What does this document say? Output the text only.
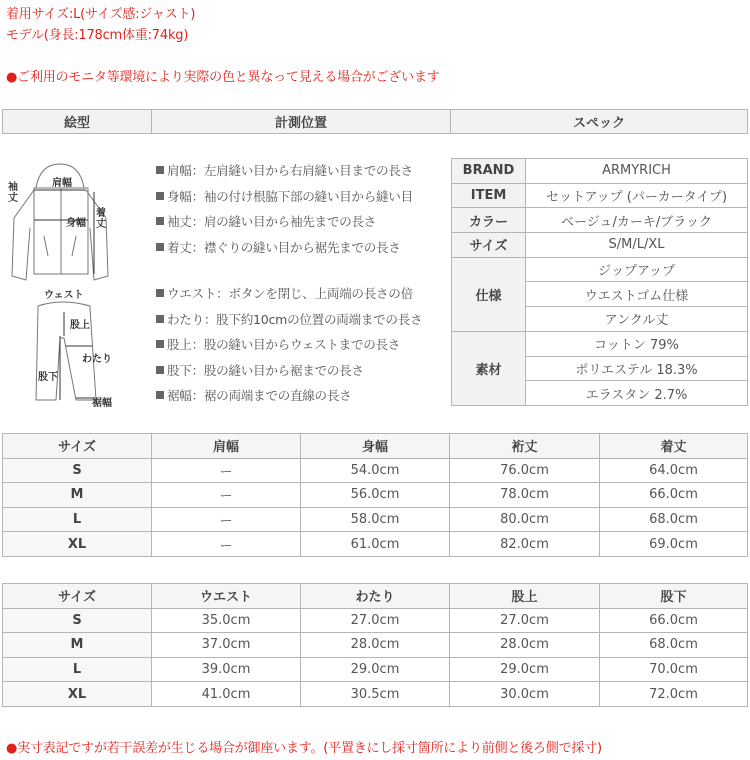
着用サイズ:L(サイズ感:ジャスト)
モデル(身長:178cm体重:74kg)
●ご利用のモニタ等環境により実際の色と異なって見える場合がございます
絵型	計測位置	スペック
肩幅
袖丈
身幅
着丈
ウェスト
股上
わたり
股下
裾幅
肩幅：左肩縫い目から右肩縫い目までの長さ
身幅：袖の付け根脇下部の縫い目から縫い目
袖丈：肩の縫い目から袖先までの長さ
着丈：襟ぐりの縫い目から裾先までの長さ
ウエスト：ボタンを閉じ、上両端の長さの倍
わたり：股下約10cmの位置の両端までの長さ
股上：股の縫い目からウェストまでの長さ
股下：股の縫い目から裾までの長さ
裾幅：裾の両端までの直線の長さ
BRAND	ARMYRICH
ITEM	セットアップ (パーカータイプ)
カラー	ベージュ/カーキ/ブラック
サイズ	S/M/L/XL
仕様	ジップアップ
	ウエストゴム仕様
	アンクル丈
素材	コットン 79%
	ポリエステル 18.3%
	エラスタン 2.7%
サイズ	肩幅	身幅	裄丈	着丈
S	ー	54.0cm	76.0cm	64.0cm
M	ー	56.0cm	78.0cm	66.0cm
L	ー	58.0cm	80.0cm	68.0cm
XL	ー	61.0cm	82.0cm	69.0cm
サイズ	ウエスト	わたり	股上	股下
S	35.0cm	27.0cm	27.0cm	66.0cm
M	37.0cm	28.0cm	28.0cm	68.0cm
L	39.0cm	29.0cm	29.0cm	70.0cm
XL	41.0cm	30.5cm	30.0cm	72.0cm
●実寸表記ですが若干誤差が生じる場合が御座います。(平置きにし採寸箇所により前側と後ろ側で採寸)
